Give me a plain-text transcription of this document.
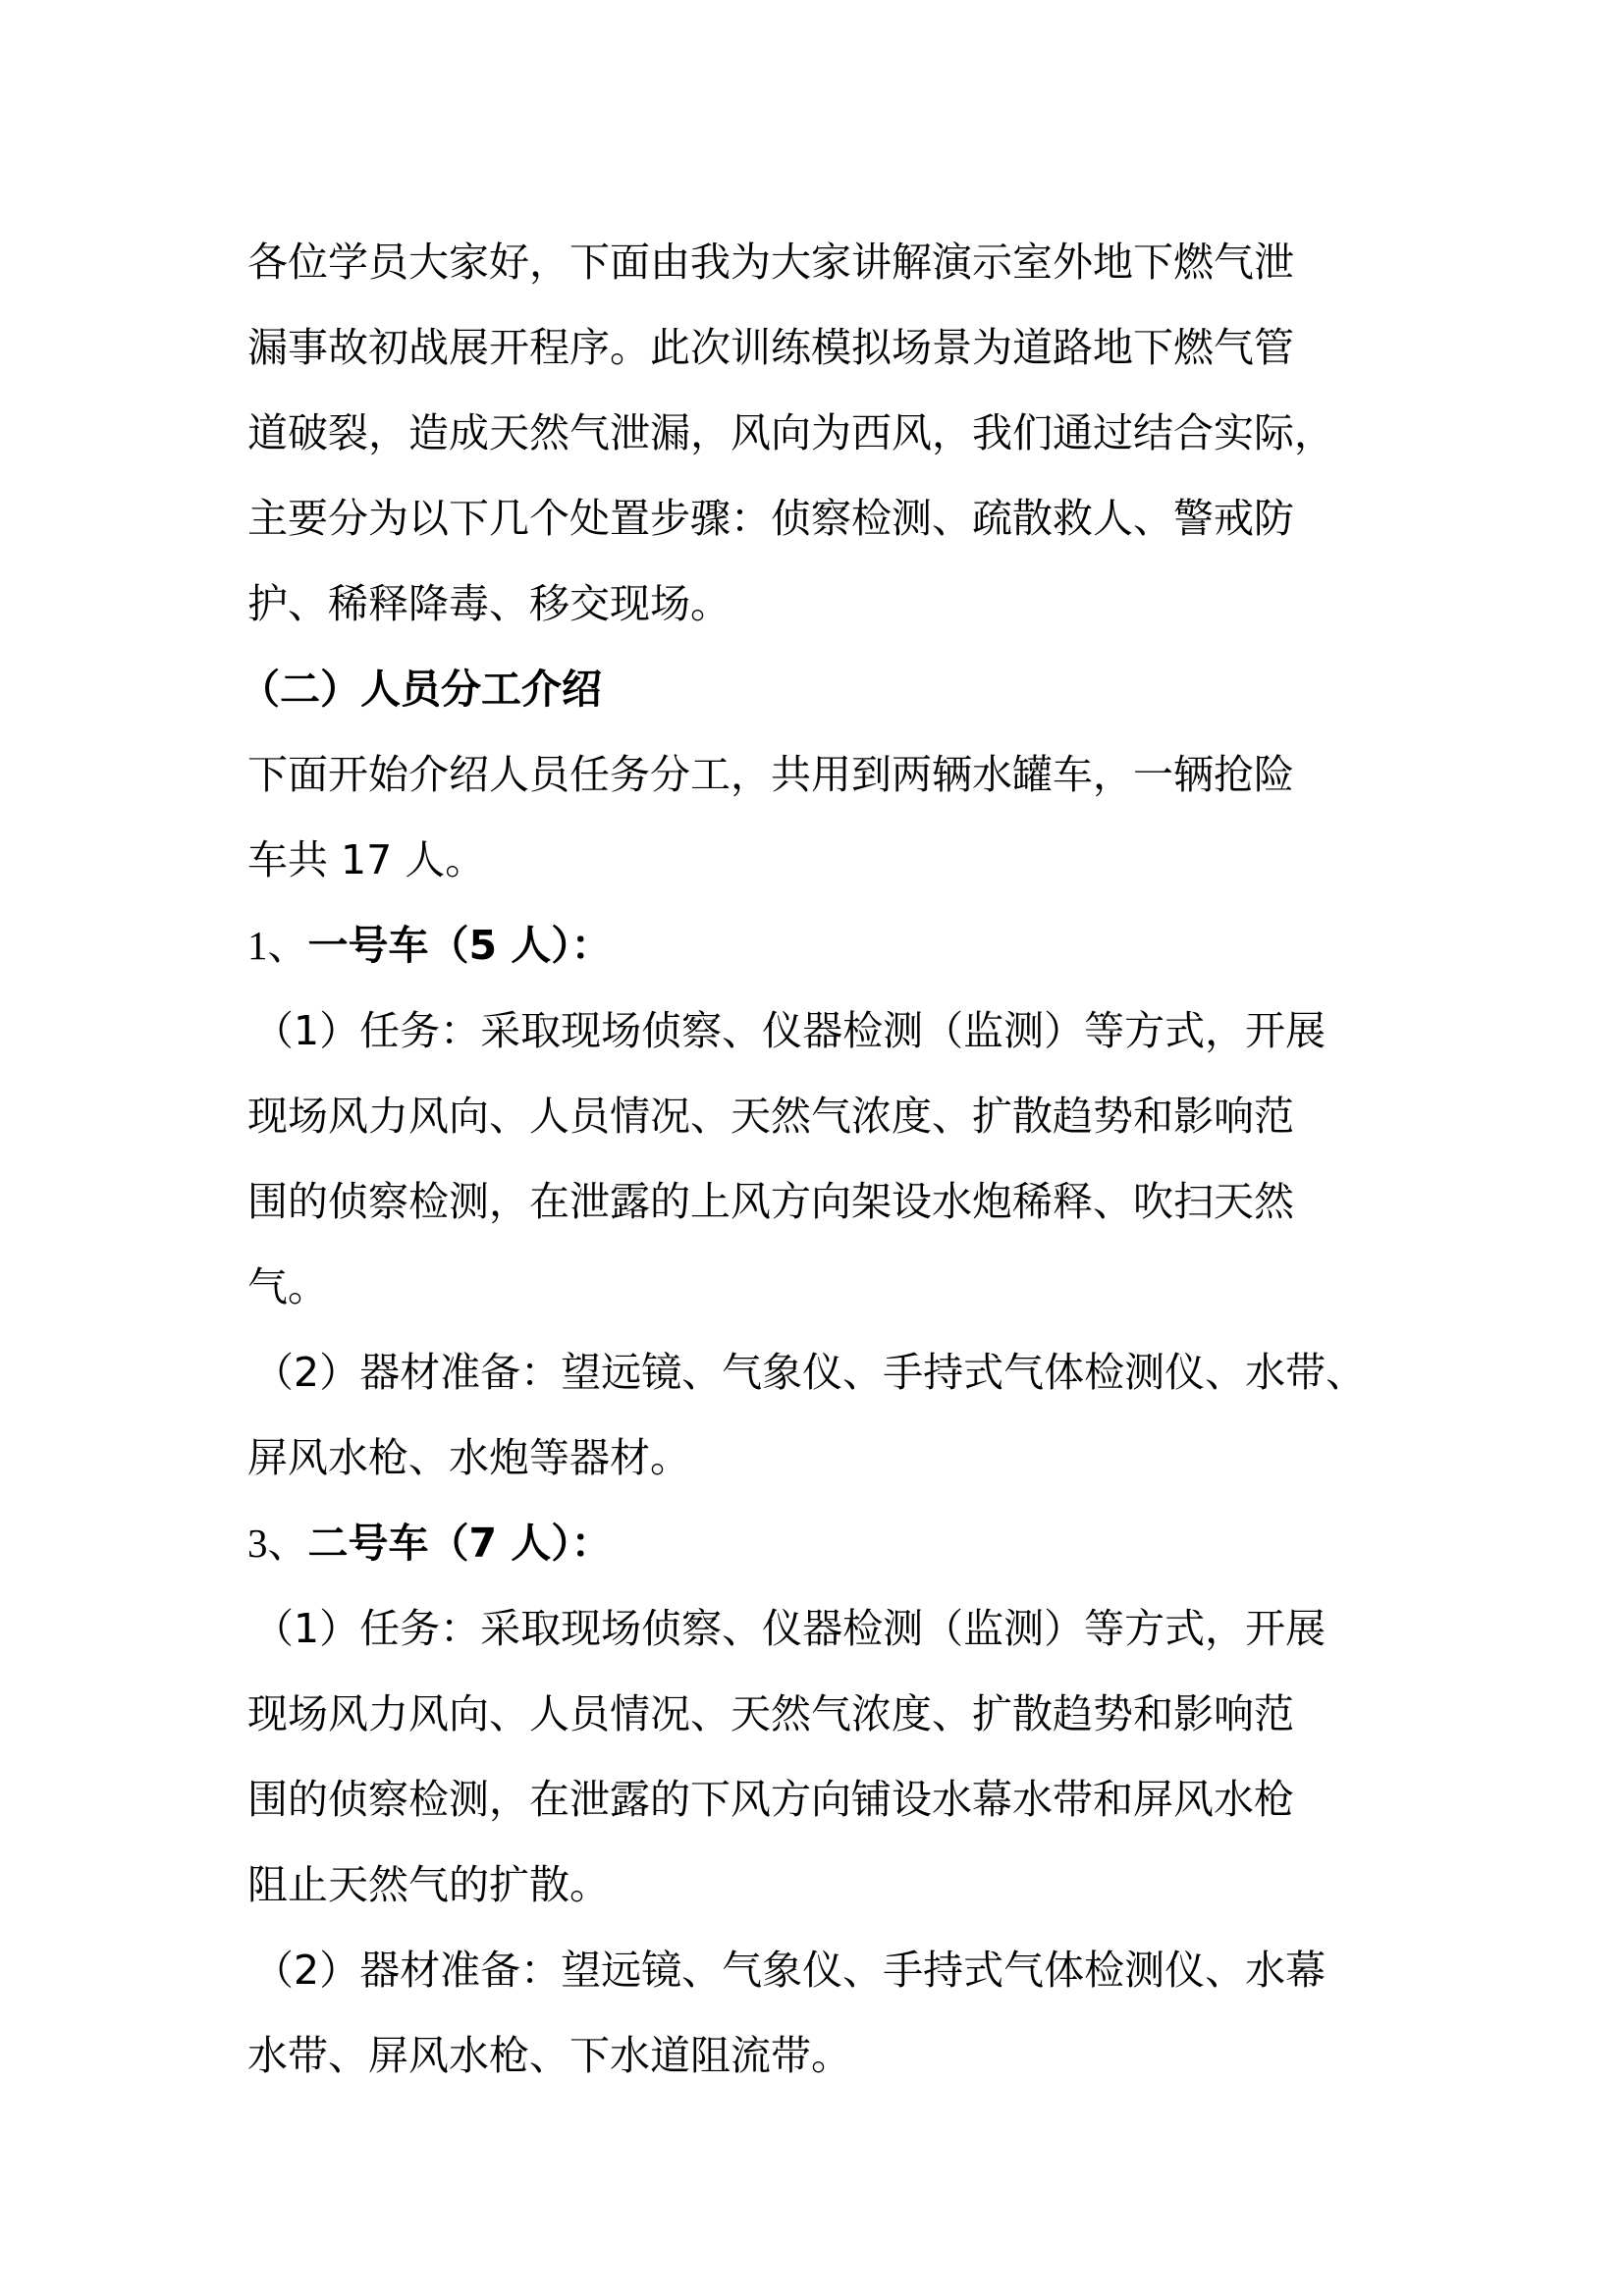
各位学员大家好，下面由我为大家讲解演示室外地下燃气泄
漏事故初战展开程序。此次训练模拟场景为道路地下燃气管
道破裂，造成天然气泄漏，风向为西风，我们通过结合实际，
主要分为以下几个处置步骤：侦察检测、疏散救人、警戒防
护、稀释降毒、移交现场。
（二）人员分工介绍
下面开始介绍人员任务分工，共用到两辆水罐车，一辆抢险
车共 17 人。
1、一号车（5 人）：
（1）任务：采取现场侦察、仪器检测（监测）等方式，开展
现场风力风向、人员情况、天然气浓度、扩散趋势和影响范
围的侦察检测，在泄露的上风方向架设水炮稀释、吹扫天然
气。
（2）器材准备：望远镜、气象仪、手持式气体检测仪、水带、
屏风水枪、水炮等器材。
3、二号车（7 人）：
（1）任务：采取现场侦察、仪器检测（监测）等方式，开展
现场风力风向、人员情况、天然气浓度、扩散趋势和影响范
围的侦察检测，在泄露的下风方向铺设水幕水带和屏风水枪
阻止天然气的扩散。
（2）器材准备：望远镜、气象仪、手持式气体检测仪、水幕
水带、屏风水枪、下水道阻流带。
